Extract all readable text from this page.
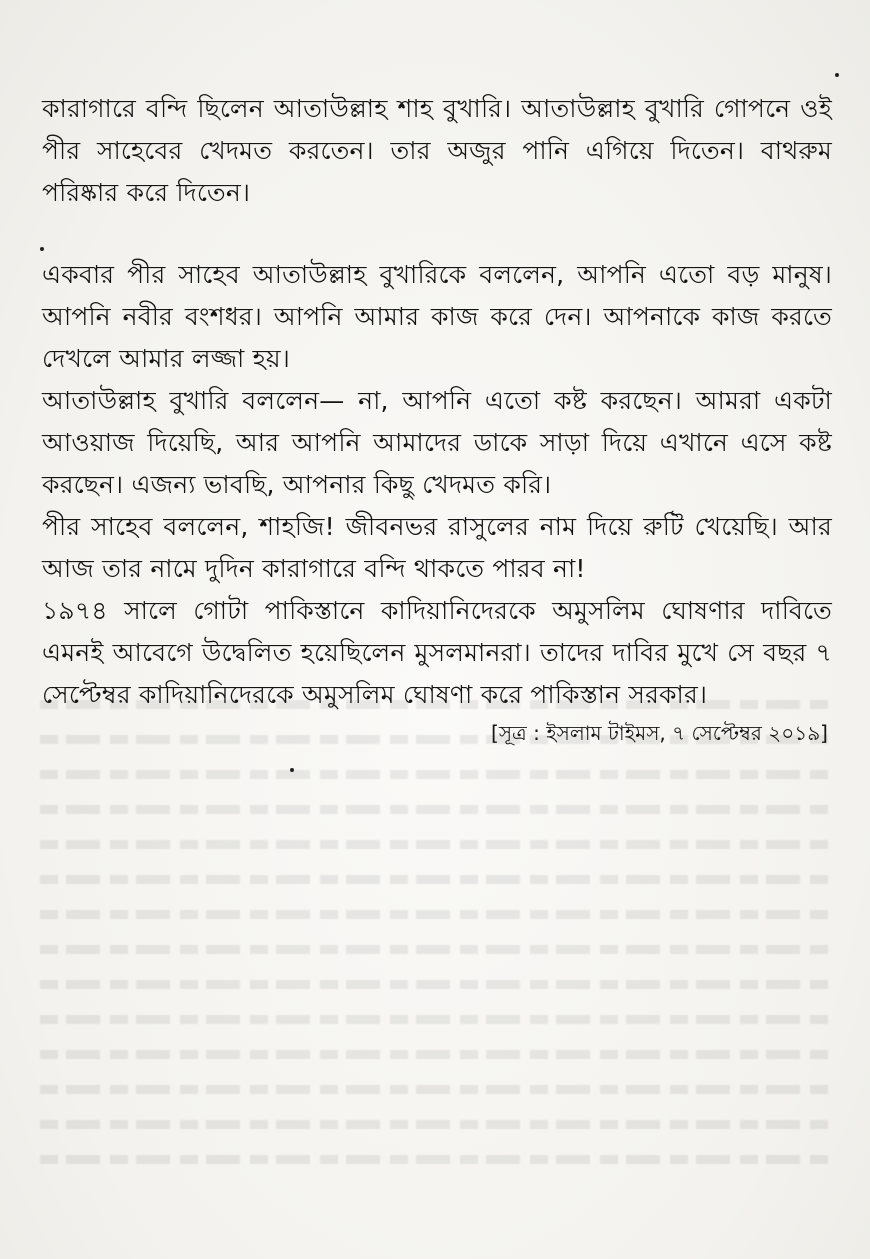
কারাগারে বন্দি ছিলেন আতাউল্লাহ শাহ বুখারি। আতাউল্লাহ বুখারি গোপনে ওই পীর সাহেবের খেদমত করতেন। তার অজুর পানি এগিয়ে দিতেন। বাথরুম পরিষ্কার করে দিতেন।

একবার পীর সাহেব আতাউল্লাহ বুখারিকে বললেন, আপনি এতো বড় মানুষ। আপনি নবীর বংশধর। আপনি আমার কাজ করে দেন। আপনাকে কাজ করতে দেখলে আমার লজ্জা হয়।

আতাউল্লাহ বুখারি বললেন— না, আপনি এতো কষ্ট করছেন। আমরা একটা আওয়াজ দিয়েছি, আর আপনি আমাদের ডাকে সাড়া দিয়ে এখানে এসে কষ্ট করছেন। এজন্য ভাবছি, আপনার কিছু খেদমত করি।

পীর সাহেব বললেন, শাহজি! জীবনভর রাসুলের নাম দিয়ে রুটি খেয়েছি। আর আজ তার নামে দুদিন কারাগারে বন্দি থাকতে পারব না!

১৯৭৪ সালে গোটা পাকিস্তানে কাদিয়ানিদেরকে অমুসলিম ঘোষণার দাবিতে এমনই আবেগে উদ্বেলিত হয়েছিলেন মুসলমানরা। তাদের দাবির মুখে সে বছর ৭ সেপ্টেম্বর কাদিয়ানিদেরকে অমুসলিম ঘোষণা করে পাকিস্তান সরকার।

[সূত্র : ইসলাম টাইমস, ৭ সেপ্টেম্বর ২০১৯]
